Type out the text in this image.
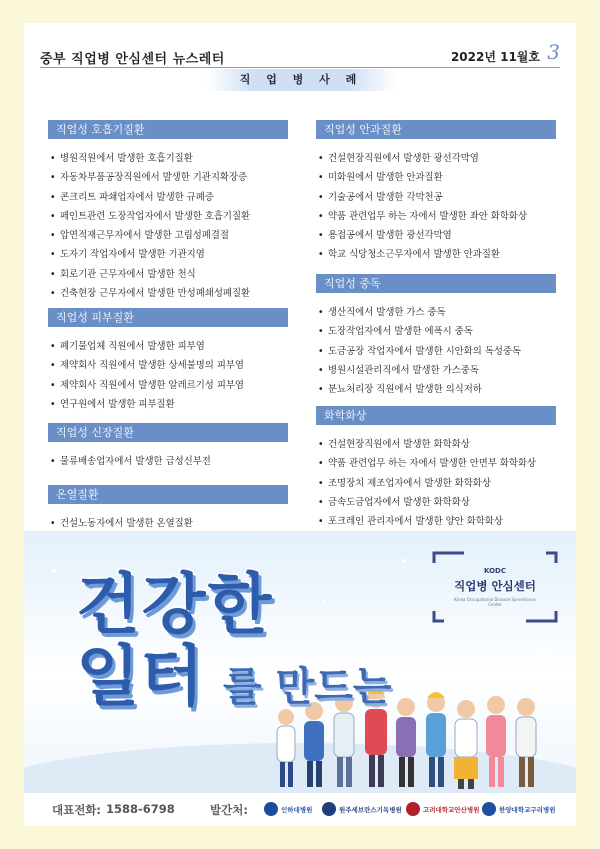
중부 직업병 안심센터 뉴스레터	2022년 11월호 3
직 업 병 사 례
직업성 호흡기질환
• 병원직원에서 발생한 호흡기질환
• 자동차부품공장직원에서 발생한 기관지확장증
• 콘크리트 파쇄업자에서 발생한 규폐증
• 페인트관련 도장작업자에서 발생한 호흡기질환
• 압연적재근무자에서 발생한 고립성폐결절
• 도자기 작업자에서 발생한 기관지염
• 회로기관 근무자에서 발생한 천식
• 건축현장 근무자에서 발생한 만성폐쇄성폐질환
직업성 피부질환
• 폐기물업체 직원에서 발생한 피부염
• 제약회사 직원에서 발생한 상세불명의 피부염
• 제약회사 직원에서 발생한 알레르기성 피부염
• 연구원에서 발생한 피부질환
직업성 신장질환
• 물류배송업자에서 발생한 급성신부전
온열질환
• 건설노동자에서 발생한 온열질환
직업성 안과질환
• 건설현장직원에서 발생한 광선각막염
• 미화원에서 발생한 안과질환
• 기술공에서 발생한 각막천공
• 약품 관련업무 하는 자에서 발생한 좌안 화학화상
• 용접공에서 발생한 광선각막염
• 학교 식당청소근무자에서 발생한 안과질환
직업성 중독
• 생산직에서 발생한 가스 중독
• 도장작업자에서 발생한 에폭시 중독
• 도금공장 작업자에서 발생한 시안화의 독성중독
• 병원시설관리직에서 발생한 가스중독
• 분뇨처리장 직원에서 발생한 의식저하
화학화상
• 건설현장직원에서 발생한 화학화상
• 약품 관련업무 하는 자에서 발생한 안면부 화학화상
• 조명장치 제조업자에서 발생한 화학화상
• 금속도금업자에서 발생한 화학화상
• 포크레인 관리자에서 발생한 양안 화학화상
건강한
일터 를 만드는
KODC
직업병 안심센터
Korea Occupational Disease Surveillance Center
대표전화: 1588-6798	발간처:	인하대병원	원주세브란스기독병원	고려대학교안산병원	한양대학교구리병원
